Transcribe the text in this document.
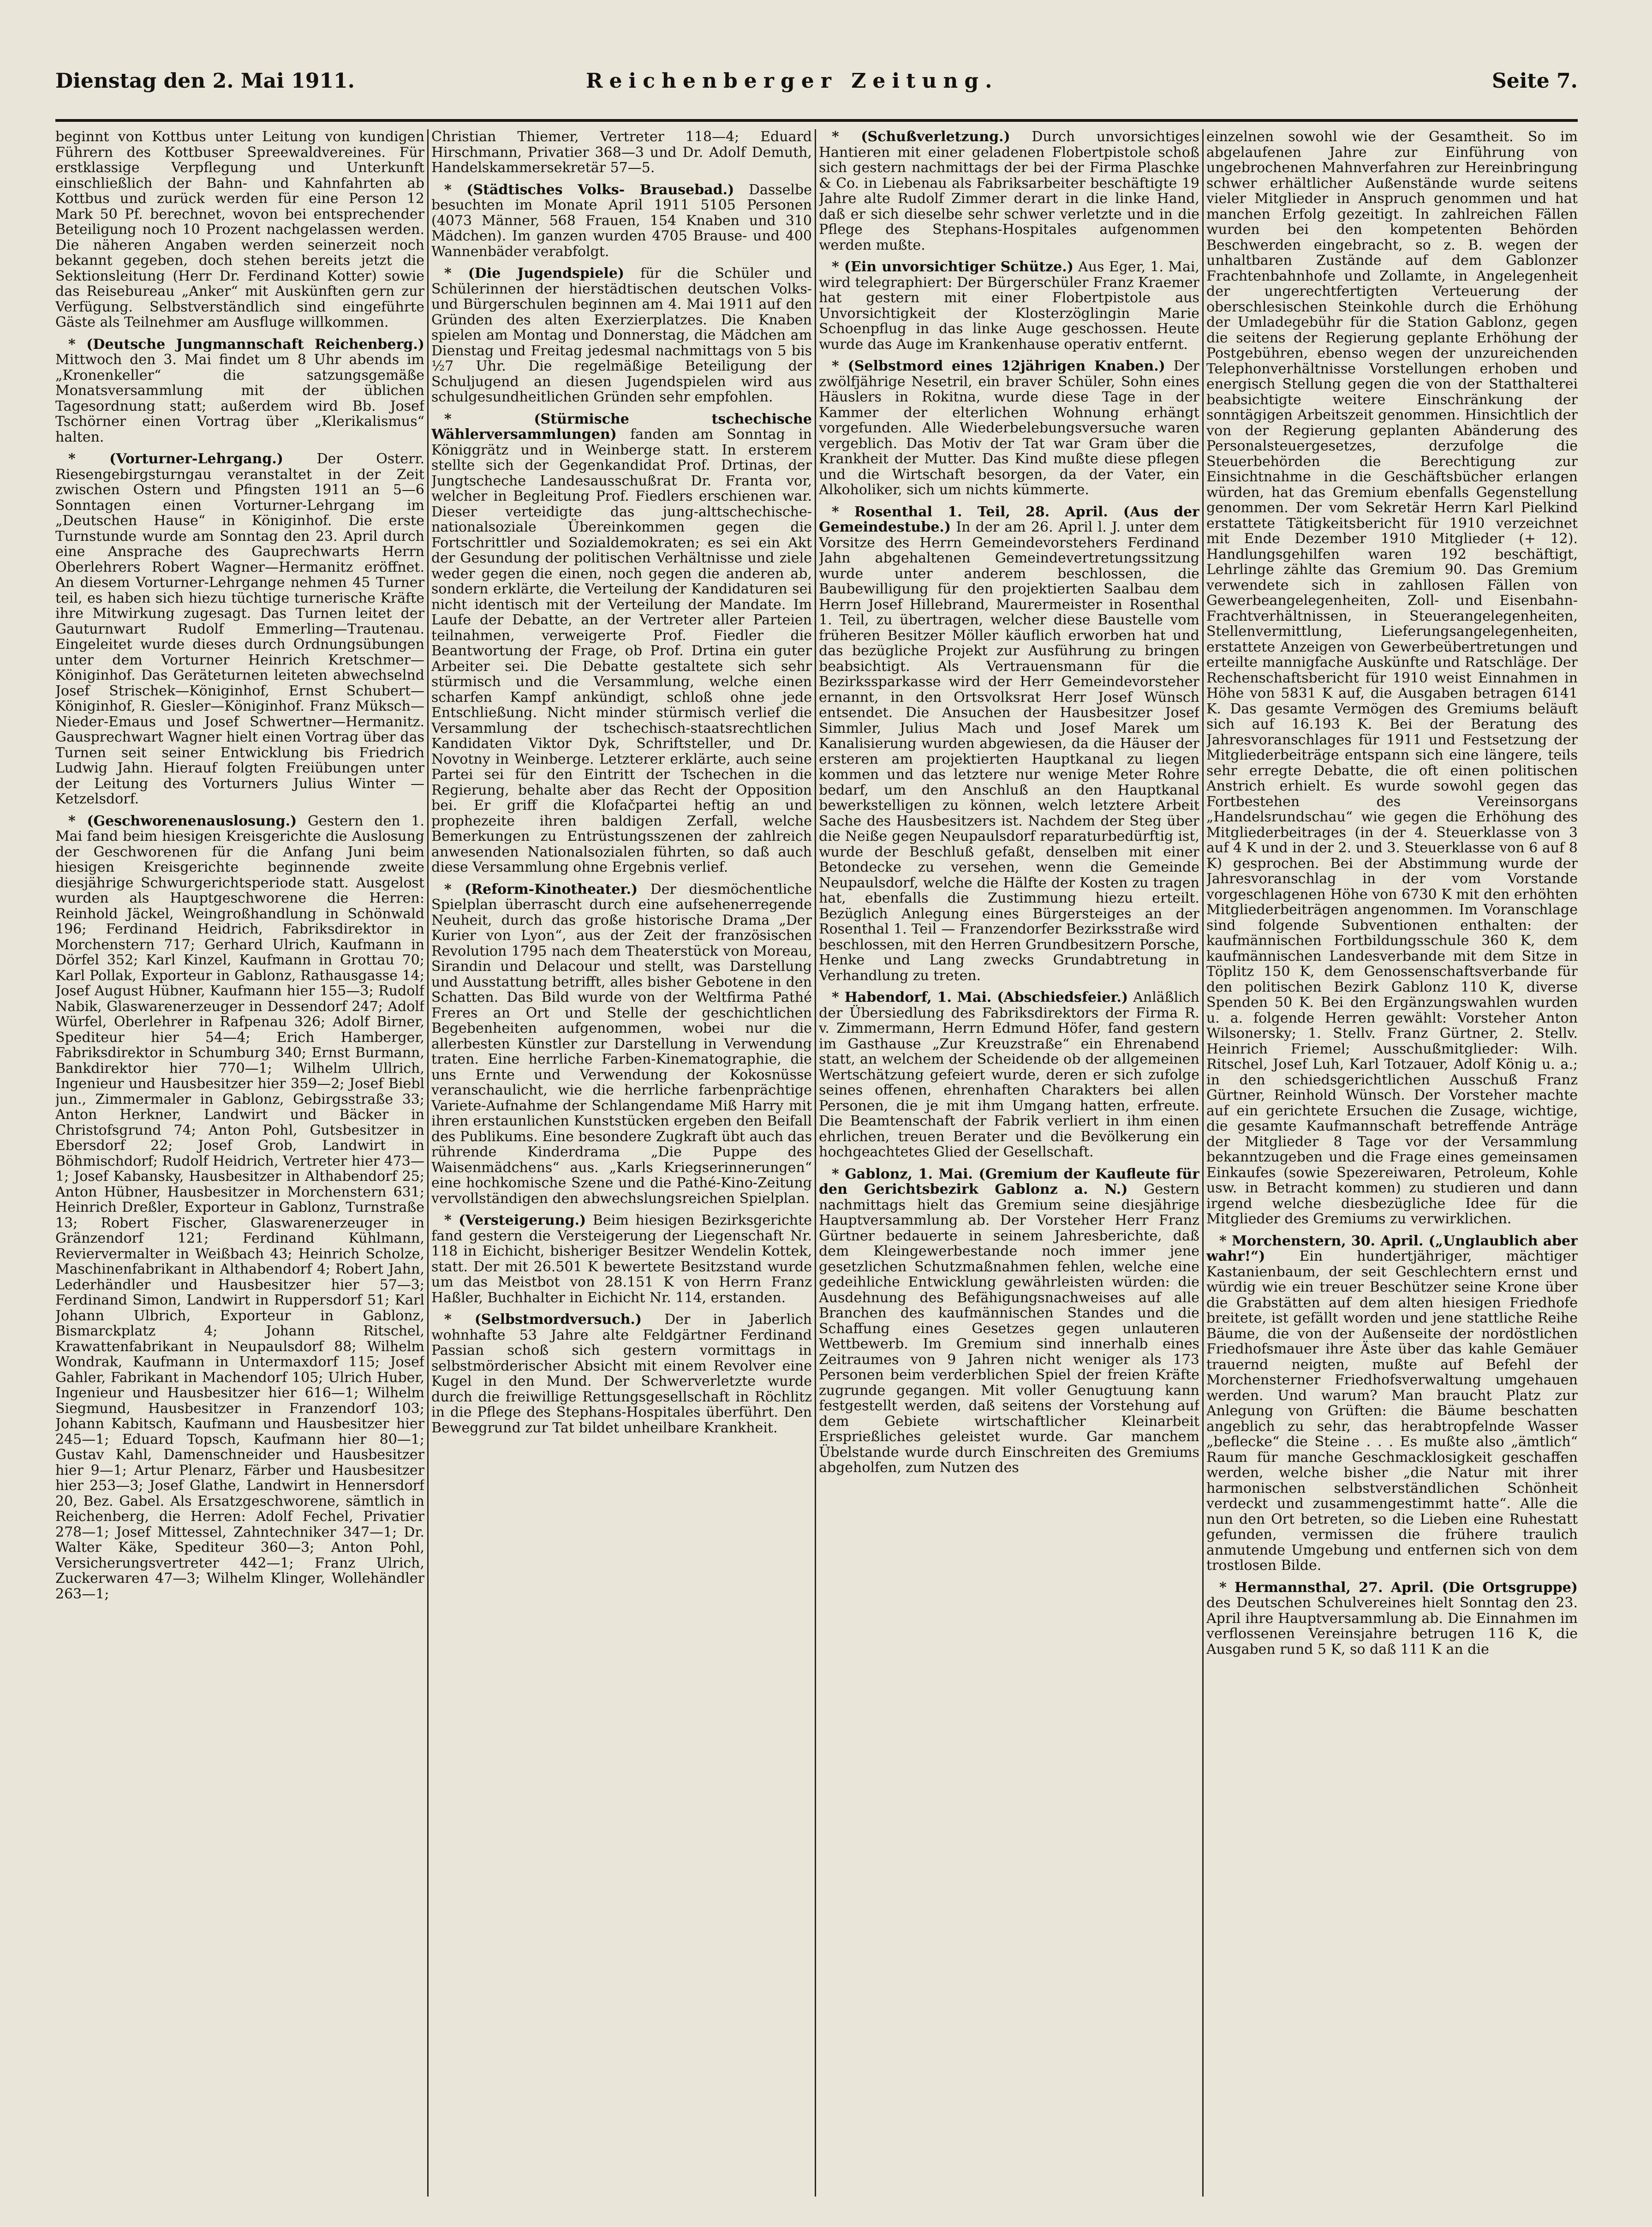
Dienstag den 2. Mai 1911.	Reichenberger Zeitung.	Seite 7.

beginnt von Kottbus unter Leitung von kundigen Führern des Kottbuser Spreewaldvereines. Für erstklassige Verpflegung und Unterkunft einschließlich der Bahn- und Kahnfahrten ab Kottbus und zurück werden für eine Person 12 Mark 50 Pf. berechnet, wovon bei entsprechender Beteiligung noch 10 Prozent nachgelassen werden. Die näheren Angaben werden seinerzeit noch bekannt gegeben, doch stehen bereits jetzt die Sektionsleitung (Herr Dr. Ferdinand Kotter) sowie das Reisebureau „Anker“ mit Auskünften gern zur Verfügung. Selbstverständlich sind eingeführte Gäste als Teilnehmer am Ausfluge willkommen.

* (Deutsche Jungmannschaft Reichenberg.) Mittwoch den 3. Mai findet um 8 Uhr abends im „Kronenkeller“ die satzungsgemäße Monatsversammlung mit der üblichen Tagesordnung statt; außerdem wird Bb. Josef Tschörner einen Vortrag über „Klerikalismus“ halten.

* (Vorturner-Lehrgang.) Der Osterr. Riesengebirgsturngau veranstaltet in der Zeit zwischen Ostern und Pfingsten 1911 an 5—6 Sonntagen einen Vorturner-Lehrgang im „Deutschen Hause“ in Königinhof. Die erste Turnstunde wurde am Sonntag den 23. April durch eine Ansprache des Gauprechwarts Herrn Oberlehrers Robert Wagner—Hermanitz eröffnet. An diesem Vorturner-Lehrgange nehmen 45 Turner teil, es haben sich hiezu tüchtige turnerische Kräfte ihre Mitwirkung zugesagt. Das Turnen leitet der Gauturnwart Rudolf Emmerling—Trautenau. Eingeleitet wurde dieses durch Ordnungsübungen unter dem Vorturner Heinrich Kretschmer—Königinhof. Das Geräteturnen leiteten abwechselnd Josef Strischek—Königinhof, Ernst Schubert—Königinhof, R. Giesler—Königinhof. Franz Müksch—Nieder-Emaus und Josef Schwertner—Hermanitz. Gausprechwart Wagner hielt einen Vortrag über das Turnen seit seiner Entwicklung bis Friedrich Ludwig Jahn. Hierauf folgten Freiübungen unter der Leitung des Vorturners Julius Winter —Ketzelsdorf.

* (Geschworenenauslosung.) Gestern den 1. Mai fand beim hiesigen Kreisgerichte die Auslosung der Geschworenen für die Anfang Juni beim hiesigen Kreisgerichte beginnende zweite diesjährige Schwurgerichtsperiode statt. Ausgelost wurden als Hauptgeschworene die Herren: Reinhold Jäckel, Weingroßhandlung in Schönwald 196; Ferdinand Heidrich, Fabriksdirektor in Morchenstern 717; Gerhard Ulrich, Kaufmann in Dörfel 352; Karl Kinzel, Kaufmann in Grottau 70; Karl Pollak, Exporteur in Gablonz, Rathausgasse 14; Josef August Hübner, Kaufmann hier 155—3; Rudolf Nabik, Glaswarenerzeuger in Dessendorf 247; Adolf Würfel, Oberlehrer in Rafpenau 326; Adolf Birner, Spediteur hier 54—4; Erich Hamberger, Fabriksdirektor in Schumburg 340; Ernst Burmann, Bankdirektor hier 770—1; Wilhelm Ullrich, Ingenieur und Hausbesitzer hier 359—2; Josef Biebl jun., Zimmermaler in Gablonz, Gebirgsstraße 33; Anton Herkner, Landwirt und Bäcker in Christofsgrund 74; Anton Pohl, Gutsbesitzer in Ebersdorf 22; Josef Grob, Landwirt in Böhmischdorf; Rudolf Heidrich, Vertreter hier 473—1; Josef Kabansky, Hausbesitzer in Althabendorf 25; Anton Hübner, Hausbesitzer in Morchenstern 631; Heinrich Dreßler, Exporteur in Gablonz, Turnstraße 13; Robert Fischer, Glaswarenerzeuger in Gränzendorf 121; Ferdinand Kühlmann, Reviervermalter in Weißbach 43; Heinrich Scholze, Maschinenfabrikant in Althabendorf 4; Robert Jahn, Lederhändler und Hausbesitzer hier 57—3; Ferdinand Simon, Landwirt in Ruppersdorf 51; Karl Johann Ulbrich, Exporteur in Gablonz, Bismarckplatz 4; Johann Ritschel, Krawattenfabrikant in Neupaulsdorf 88; Wilhelm Wondrak, Kaufmann in Untermaxdorf 115; Josef Gahler, Fabrikant in Machendorf 105; Ulrich Huber, Ingenieur und Hausbesitzer hier 616—1; Wilhelm Siegmund, Hausbesitzer in Franzendorf 103; Johann Kabitsch, Kaufmann und Hausbesitzer hier 245—1; Eduard Topsch, Kaufmann hier 80—1; Gustav Kahl, Damenschneider und Hausbesitzer hier 9—1; Artur Plenarz, Färber und Hausbesitzer hier 253—3; Josef Glathe, Landwirt in Hennersdorf 20, Bez. Gabel. Als Ersatzgeschworene, sämtlich in Reichenberg, die Herren: Adolf Fechel, Privatier 278—1; Josef Mittessel, Zahntechniker 347—1; Dr. Walter Käke, Spediteur 360—3; Anton Pohl, Versicherungsvertreter 442—1; Franz Ulrich, Zuckerwaren 47—3; Wilhelm Klinger, Wollehändler 263—1;

Christian Thiemer, Vertreter 118—4; Eduard Hirschmann, Privatier 368—3 und Dr. Adolf Demuth, Handelskammersekretär 57—5.

* (Städtisches Volks- Brausebad.) Dasselbe besuchten im Monate April 1911 5105 Personen (4073 Männer, 568 Frauen, 154 Knaben und 310 Mädchen). Im ganzen wurden 4705 Brause- und 400 Wannenbäder verabfolgt.

* (Die Jugendspiele) für die Schüler und Schülerinnen der hierstädtischen deutschen Volks- und Bürgerschulen beginnen am 4. Mai 1911 auf den Gründen des alten Exerzierplatzes. Die Knaben spielen am Montag und Donnerstag, die Mädchen am Dienstag und Freitag jedesmal nachmittags von 5 bis ½7 Uhr. Die regelmäßige Beteiligung der Schuljugend an diesen Jugendspielen wird aus schulgesundheitlichen Gründen sehr empfohlen.

* (Stürmische tschechische Wählerversammlungen) fanden am Sonntag in Königgrätz und in Weinberge statt. In ersterem stellte sich der Gegenkandidat Prof. Drtinas, der Jungtscheche Landesausschußrat Dr. Franta vor, welcher in Begleitung Prof. Fiedlers erschienen war. Dieser verteidigte das jung-alttschechische-nationalsoziale Übereinkommen gegen die Fortschrittler und Sozialdemokraten; es sei ein Akt der Gesundung der politischen Verhältnisse und ziele weder gegen die einen, noch gegen die anderen ab, sondern erklärte, die Verteilung der Kandidaturen sei nicht identisch mit der Verteilung der Mandate. Im Laufe der Debatte, an der Vertreter aller Parteien teilnahmen, verweigerte Prof. Fiedler die Beantwortung der Frage, ob Prof. Drtina ein guter Arbeiter sei. Die Debatte gestaltete sich sehr stürmisch und die Versammlung, welche einen scharfen Kampf ankündigt, schloß ohne jede Entschließung. Nicht minder stürmisch verlief die Versammlung der tschechisch-staatsrechtlichen Kandidaten Viktor Dyk, Schriftsteller, und Dr. Novotny in Weinberge. Letzterer erklärte, auch seine Partei sei für den Eintritt der Tschechen in die Regierung, behalte aber das Recht der Opposition bei. Er griff die Klofačpartei heftig an und prophezeite ihren baldigen Zerfall, welche Bemerkungen zu Entrüstungsszenen der zahlreich anwesenden Nationalsozialen führten, so daß auch diese Versammlung ohne Ergebnis verlief.

* (Reform-Kinotheater.) Der diesmöchentliche Spielplan überrascht durch eine aufsehenerregende Neuheit, durch das große historische Drama „Der Kurier von Lyon“, aus der Zeit der französischen Revolution 1795 nach dem Theaterstück von Moreau, Sirandin und Delacour und stellt, was Darstellung und Ausstattung betrifft, alles bisher Gebotene in den Schatten. Das Bild wurde von der Weltfirma Pathé Freres an Ort und Stelle der geschichtlichen Begebenheiten aufgenommen, wobei nur die allerbesten Künstler zur Darstellung in Verwendung traten. Eine herrliche Farben-Kinematographie, die uns Ernte und Verwendung der Kokosnüsse veranschaulicht, wie die herrliche farbenprächtige Variete-Aufnahme der Schlangendame Miß Harry mit ihren erstaunlichen Kunststücken ergeben den Beifall des Publikums. Eine besondere Zugkraft übt auch das rührende Kinderdrama „Die Puppe des Waisenmädchens“ aus. „Karls Kriegserinnerungen“ eine hochkomische Szene und die Pathé-Kino-Zeitung vervollständigen den abwechslungsreichen Spielplan.

* (Versteigerung.) Beim hiesigen Bezirksgerichte fand gestern die Versteigerung der Liegenschaft Nr. 118 in Eichicht, bisheriger Besitzer Wendelin Kottek, statt. Der mit 26.501 K bewertete Besitzstand wurde um das Meistbot von 28.151 K von Herrn Franz Haßler, Buchhalter in Eichicht Nr. 114, erstanden.

* (Selbstmordversuch.) Der in Jaberlich wohnhafte 53 Jahre alte Feldgärtner Ferdinand Passian schoß sich gestern vormittags in selbstmörderischer Absicht mit einem Revolver eine Kugel in den Mund. Der Schwerverletzte wurde durch die freiwillige Rettungsgesellschaft in Röchlitz in die Pflege des Stephans-Hospitales überführt. Den Beweggrund zur Tat bildet unheilbare Krankheit.

* (Schußverletzung.) Durch unvorsichtiges Hantieren mit einer geladenen Flobertpistole schoß sich gestern nachmittags der bei der Firma Plaschke & Co. in Liebenau als Fabriksarbeiter beschäftigte 19 Jahre alte Rudolf Zimmer derart in die linke Hand, daß er sich dieselbe sehr schwer verletzte und in die Pflege des Stephans-Hospitales aufgenommen werden mußte.

* (Ein unvorsichtiger Schütze.) Aus Eger, 1. Mai, wird telegraphiert: Der Bürgerschüler Franz Kraemer hat gestern mit einer Flobertpistole aus Unvorsichtigkeit der Klosterzöglingin Marie Schoenpflug in das linke Auge geschossen. Heute wurde das Auge im Krankenhause operativ entfernt.

* (Selbstmord eines 12jährigen Knaben.) Der zwölfjährige Nesetril, ein braver Schüler, Sohn eines Häuslers in Rokitna, wurde diese Tage in der Kammer der elterlichen Wohnung erhängt vorgefunden. Alle Wiederbelebungsversuche waren vergeblich. Das Motiv der Tat war Gram über die Krankheit der Mutter. Das Kind mußte diese pflegen und die Wirtschaft besorgen, da der Vater, ein Alkoholiker, sich um nichts kümmerte.

* Rosenthal 1. Teil, 28. April. (Aus der Gemeindestube.) In der am 26. April l. J. unter dem Vorsitze des Herrn Gemeindevorstehers Ferdinand Jahn abgehaltenen Gemeindevertretungssitzung wurde unter anderem beschlossen, die Baubewilligung für den projektierten Saalbau dem Herrn Josef Hillebrand, Maurermeister in Rosenthal 1. Teil, zu übertragen, welcher diese Baustelle vom früheren Besitzer Möller käuflich erworben hat und das bezügliche Projekt zur Ausführung zu bringen beabsichtigt. Als Vertrauensmann für die Bezirkssparkasse wird der Herr Gemeindevorsteher ernannt, in den Ortsvolksrat Herr Josef Wünsch entsendet. Die Ansuchen der Hausbesitzer Josef Simmler, Julius Mach und Josef Marek um Kanalisierung wurden abgewiesen, da die Häuser der ersteren am projektierten Hauptkanal zu liegen kommen und das letztere nur wenige Meter Rohre bedarf, um den Anschluß an den Hauptkanal bewerkstelligen zu können, welch letztere Arbeit Sache des Hausbesitzers ist. Nachdem der Steg über die Neiße gegen Neupaulsdorf reparaturbedürftig ist, wurde der Beschluß gefaßt, denselben mit einer Betondecke zu versehen, wenn die Gemeinde Neupaulsdorf, welche die Hälfte der Kosten zu tragen hat, ebenfalls die Zustimmung hiezu erteilt. Bezüglich Anlegung eines Bürgersteiges an der Rosenthal 1. Teil — Franzendorfer Bezirksstraße wird beschlossen, mit den Herren Grundbesitzern Porsche, Henke und Lang zwecks Grundabtretung in Verhandlung zu treten.

* Habendorf, 1. Mai. (Abschiedsfeier.) Anläßlich der Übersiedlung des Fabriksdirektors der Firma R. v. Zimmermann, Herrn Edmund Höfer, fand gestern im Gasthause „Zur Kreuzstraße“ ein Ehrenabend statt, an welchem der Scheidende ob der allgemeinen Wertschätzung gefeiert wurde, deren er sich zufolge seines offenen, ehrenhaften Charakters bei allen Personen, die je mit ihm Umgang hatten, erfreute. Die Beamtenschaft der Fabrik verliert in ihm einen ehrlichen, treuen Berater und die Bevölkerung ein hochgeachtetes Glied der Gesellschaft.

* Gablonz, 1. Mai. (Gremium der Kaufleute für den Gerichtsbezirk Gablonz a. N.) Gestern nachmittags hielt das Gremium seine diesjährige Hauptversammlung ab. Der Vorsteher Herr Franz Gürtner bedauerte in seinem Jahresberichte, daß dem Kleingewerbestande noch immer jene gesetzlichen Schutzmaßnahmen fehlen, welche eine gedeihliche Entwicklung gewährleisten würden: die Ausdehnung des Befähigungsnachweises auf alle Branchen des kaufmännischen Standes und die Schaffung eines Gesetzes gegen unlauteren Wettbewerb. Im Gremium sind innerhalb eines Zeitraumes von 9 Jahren nicht weniger als 173 Personen beim verderblichen Spiel der freien Kräfte zugrunde gegangen. Mit voller Genugtuung kann festgestellt werden, daß seitens der Vorstehung auf dem Gebiete wirtschaftlicher Kleinarbeit Ersprießliches geleistet wurde. Gar manchem Übelstande wurde durch Einschreiten des Gremiums abgeholfen, zum Nutzen des

einzelnen sowohl wie der Gesamtheit. So im abgelaufenen Jahre zur Einführung von ungebrochenen Mahnverfahren zur Hereinbringung schwer erhältlicher Außenstände wurde seitens vieler Mitglieder in Anspruch genommen und hat manchen Erfolg gezeitigt. In zahlreichen Fällen wurden bei den kompetenten Behörden Beschwerden eingebracht, so z. B. wegen der unhaltbaren Zustände auf dem Gablonzer Frachtenbahnhofe und Zollamte, in Angelegenheit der ungerechtfertigten Verteuerung der oberschlesischen Steinkohle durch die Erhöhung der Umladegebühr für die Station Gablonz, gegen die seitens der Regierung geplante Erhöhung der Postgebühren, ebenso wegen der unzureichenden Telephonverhältnisse Vorstellungen erhoben und energisch Stellung gegen die von der Statthalterei beabsichtigte weitere Einschränkung der sonntägigen Arbeitszeit genommen. Hinsichtlich der von der Regierung geplanten Abänderung des Personalsteuergesetzes, derzufolge die Steuerbehörden die Berechtigung zur Einsichtnahme in die Geschäftsbücher erlangen würden, hat das Gremium ebenfalls Gegenstellung genommen. Der vom Sekretär Herrn Karl Pielkind erstattete Tätigkeitsbericht für 1910 verzeichnet mit Ende Dezember 1910 Mitglieder (+ 12). Handlungsgehilfen waren 192 beschäftigt, Lehrlinge zählte das Gremium 90. Das Gremium verwendete sich in zahllosen Fällen von Gewerbeangelegenheiten, Zoll- und Eisenbahn-Frachtverhältnissen, in Steuerangelegenheiten, Stellenvermittlung, Lieferungsangelegenheiten, erstattete Anzeigen von Gewerbeübertretungen und erteilte mannigfache Auskünfte und Ratschläge. Der Rechenschaftsbericht für 1910 weist Einnahmen in Höhe von 5831 K auf, die Ausgaben betragen 6141 K. Das gesamte Vermögen des Gremiums beläuft sich auf 16.193 K. Bei der Beratung des Jahresvoranschlages für 1911 und Festsetzung der Mitgliederbeiträge entspann sich eine längere, teils sehr erregte Debatte, die oft einen politischen Anstrich erhielt. Es wurde sowohl gegen das Fortbestehen des Vereinsorgans „Handelsrundschau“ wie gegen die Erhöhung des Mitgliederbeitrages (in der 4. Steuerklasse von 3 auf 4 K und in der 2. und 3. Steuerklasse von 6 auf 8 K) gesprochen. Bei der Abstimmung wurde der Jahresvoranschlag in der vom Vorstande vorgeschlagenen Höhe von 6730 K mit den erhöhten Mitgliederbeiträgen angenommen. Im Voranschlage sind folgende Subventionen enthalten: der kaufmännischen Fortbildungsschule 360 K, dem kaufmännischen Landesverbande mit dem Sitze in Töplitz 150 K, dem Genossenschaftsverbande für den politischen Bezirk Gablonz 110 K, diverse Spenden 50 K. Bei den Ergänzungswahlen wurden u. a. folgende Herren gewählt: Vorsteher Anton Wilsonersky; 1. Stellv. Franz Gürtner, 2. Stellv. Heinrich Friemel; Ausschußmitglieder: Wilh. Ritschel, Josef Luh, Karl Totzauer, Adolf König u. a.; in den schiedsgerichtlichen Ausschuß Franz Gürtner, Reinhold Wünsch. Der Vorsteher machte auf ein gerichtete Ersuchen die Zusage, wichtige, die gesamte Kaufmannschaft betreffende Anträge der Mitglieder 8 Tage vor der Versammlung bekanntzugeben und die Frage eines gemeinsamen Einkaufes (sowie Spezereiwaren, Petroleum, Kohle usw. in Betracht kommen) zu studieren und dann irgend welche diesbezügliche Idee für die Mitglieder des Gremiums zu verwirklichen.

* Morchenstern, 30. April. („Unglaublich aber wahr!“) Ein hundertjähriger, mächtiger Kastanienbaum, der seit Geschlechtern ernst und würdig wie ein treuer Beschützer seine Krone über die Grabstätten auf dem alten hiesigen Friedhofe breitete, ist gefällt worden und jene stattliche Reihe Bäume, die von der Außenseite der nordöstlichen Friedhofsmauer ihre Äste über das kahle Gemäuer trauernd neigten, mußte auf Befehl der Morchensterner Friedhofsverwaltung umgehauen werden. Und warum? Man braucht Platz zur Anlegung von Grüften: die Bäume beschatten angeblich zu sehr, das herabtropfelnde Wasser „beflecke“ die Steine . . . Es mußte also „ämtlich“ Raum für manche Geschmacklosigkeit geschaffen werden, welche bisher „die Natur mit ihrer harmonischen selbstverständlichen Schönheit verdeckt und zusammengestimmt hatte“. Alle die nun den Ort betreten, so die Lieben eine Ruhestatt gefunden, vermissen die frühere traulich anmutende Umgebung und entfernen sich von dem trostlosen Bilde.

* Hermannsthal, 27. April. (Die Ortsgruppe) des Deutschen Schulvereines hielt Sonntag den 23. April ihre Hauptversammlung ab. Die Einnahmen im verflossenen Vereinsjahre betrugen 116 K, die Ausgaben rund 5 K, so daß 111 K an die
